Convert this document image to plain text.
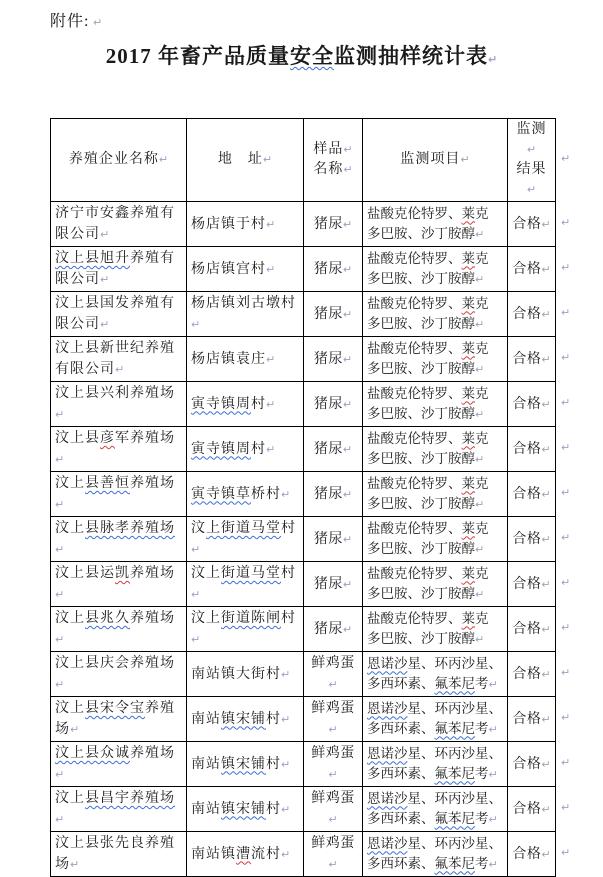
附件: ↵
2017 年畜产品质量安全监测抽样统计表↵
养殖企业名称↵	地　址↵	样品↵
名称↵	监测项目↵	监测↵
结果↵
济宁市安鑫养殖有限公司↵	杨店镇于村↵	猪尿↵	盐酸克伦特罗、莱克
多巴胺、沙丁胺醇↵	合格↵
汶上县旭升养殖有限公司↵	杨店镇宫村↵	猪尿↵	盐酸克伦特罗、莱克
多巴胺、沙丁胺醇↵	合格↵
汶上县国发养殖有限公司↵	杨店镇刘古墩村↵	猪尿↵	盐酸克伦特罗、莱克
多巴胺、沙丁胺醇↵	合格↵
汶上县新世纪养殖有限公司↵	杨店镇袁庄↵	猪尿↵	盐酸克伦特罗、莱克
多巴胺、沙丁胺醇↵	合格↵
汶上县兴利养殖场↵	寅寺镇周村↵	猪尿↵	盐酸克伦特罗、莱克
多巴胺、沙丁胺醇↵	合格↵
汶上县彦军养殖场↵	寅寺镇周村↵	猪尿↵	盐酸克伦特罗、莱克
多巴胺、沙丁胺醇↵	合格↵
汶上县善恒养殖场↵	寅寺镇草桥村↵	猪尿↵	盐酸克伦特罗、莱克
多巴胺、沙丁胺醇↵	合格↵
汶上县脉孝养殖场↵	汶上街道马堂村↵	猪尿↵	盐酸克伦特罗、莱克
多巴胺、沙丁胺醇↵	合格↵
汶上县运凯养殖场↵	汶上街道马堂村↵	猪尿↵	盐酸克伦特罗、莱克
多巴胺、沙丁胺醇↵	合格↵
汶上县兆久养殖场↵	汶上街道陈闸村↵	猪尿↵	盐酸克伦特罗、莱克
多巴胺、沙丁胺醇↵	合格↵
汶上县庆会养殖场↵	南站镇大街村↵	鲜鸡蛋↵	恩诺沙星、环丙沙星、
多西环素、氟苯尼考↵	合格↵
汶上县宋令宝养殖场↵	南站镇宋铺村↵	鲜鸡蛋↵	恩诺沙星、环丙沙星、
多西环素、氟苯尼考↵	合格↵
汶上县众诚养殖场↵	南站镇宋铺村↵	鲜鸡蛋↵	恩诺沙星、环丙沙星、
多西环素、氟苯尼考↵	合格↵
汶上县昌宇养殖场↵	南站镇宋铺村↵	鲜鸡蛋↵	恩诺沙星、环丙沙星、
多西环素、氟苯尼考↵	合格↵
汶上县张先良养殖场↵	南站镇漕流村↵	鲜鸡蛋↵	恩诺沙星、环丙沙星、
多西环素、氟苯尼考↵	合格↵
↵
↵
↵
↵
↵
↵
↵
↵
↵
↵
↵
↵
↵
↵
↵
↵
